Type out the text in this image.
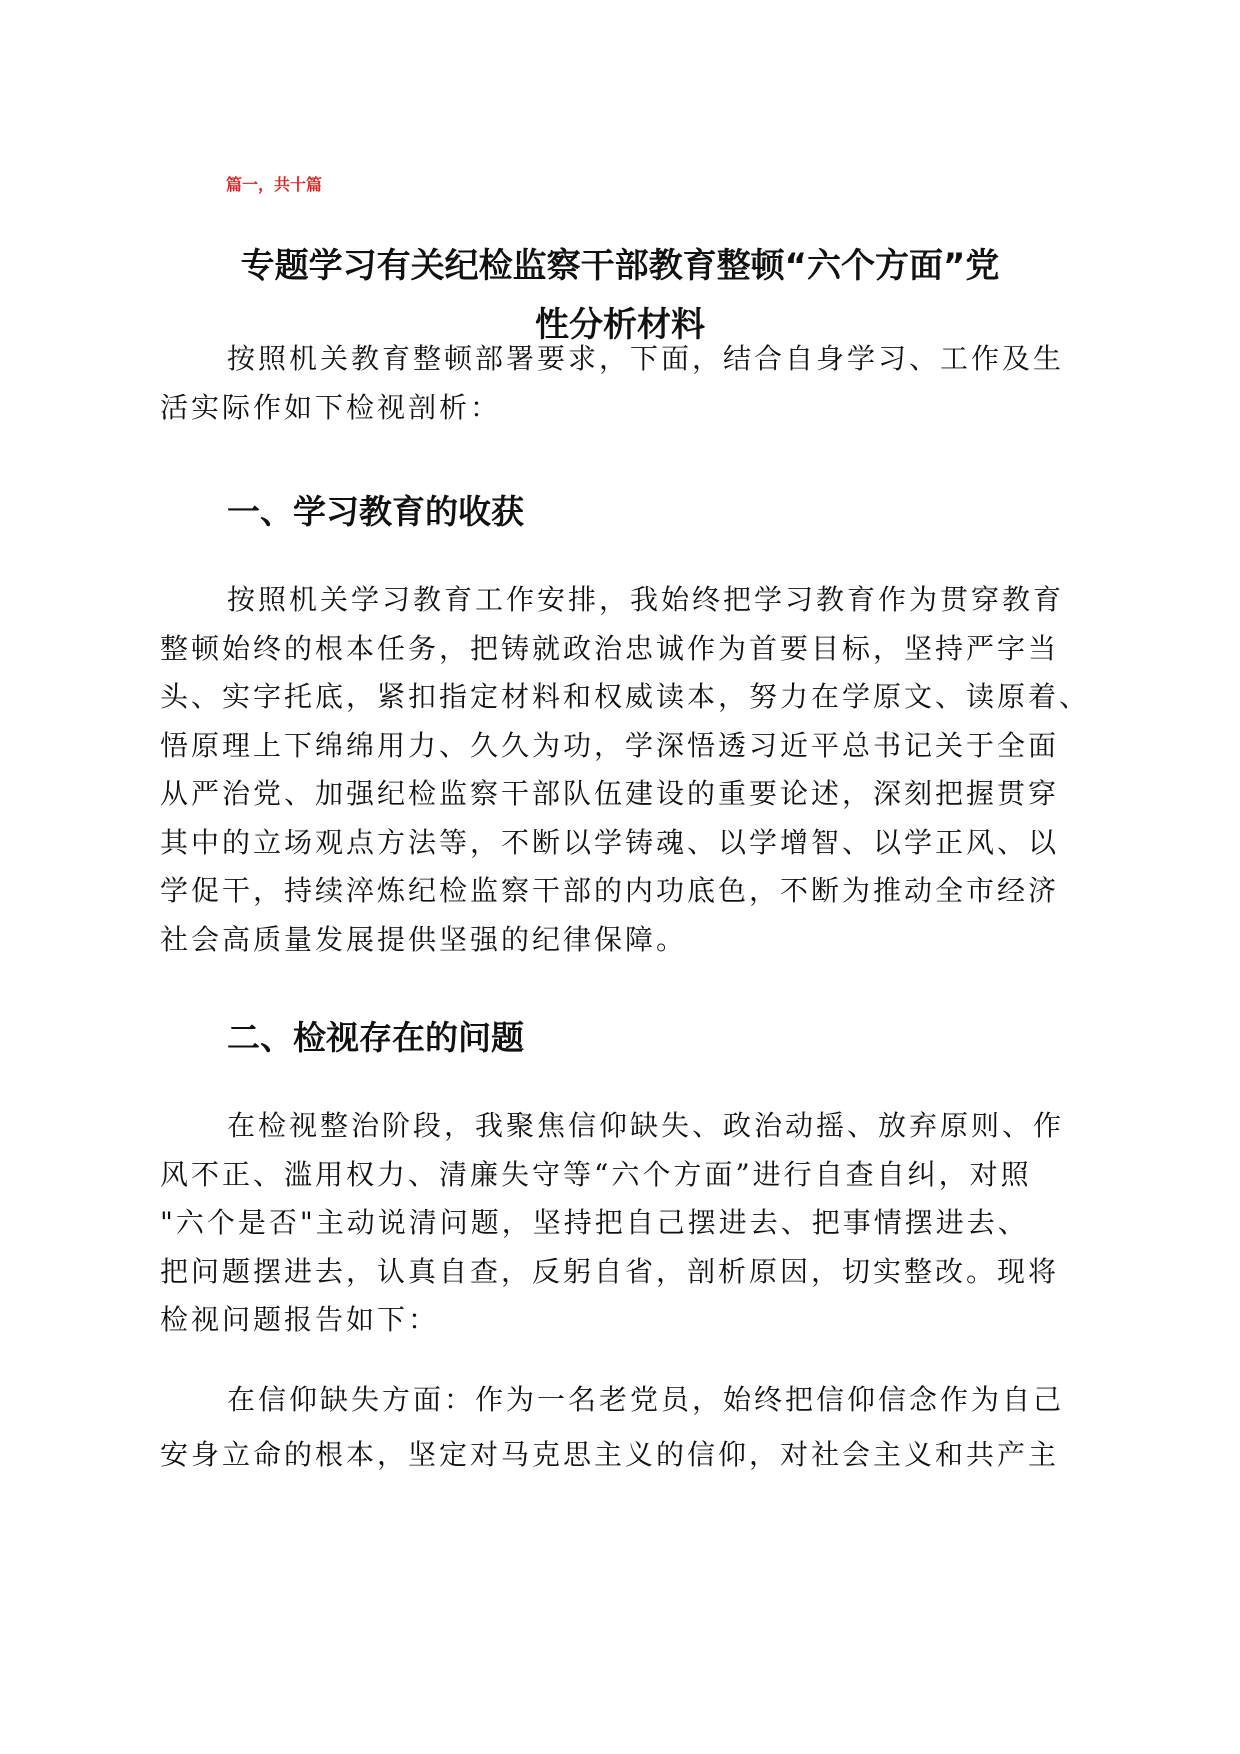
篇一，共十篇
专题学习有关纪检监察干部教育整顿“六个方面”党
性分析材料
按照机关教育整顿部署要求，下面，结合自身学习、工作及生
活实际作如下检视剖析：
一、学习教育的收获
按照机关学习教育工作安排，我始终把学习教育作为贯穿教育
整顿始终的根本任务，把铸就政治忠诚作为首要目标，坚持严字当
头、实字托底，紧扣指定材料和权威读本，努力在学原文、读原着、
悟原理上下绵绵用力、久久为功，学深悟透习近平总书记关于全面
从严治党、加强纪检监察干部队伍建设的重要论述，深刻把握贯穿
其中的立场观点方法等，不断以学铸魂、以学增智、以学正风、以
学促干，持续淬炼纪检监察干部的内功底色，不断为推动全市经济
社会高质量发展提供坚强的纪律保障。
二、检视存在的问题
在检视整治阶段，我聚焦信仰缺失、政治动摇、放弃原则、作
风不正、滥用权力、清廉失守等“六个方面”进行自查自纠，对照
"六个是否"主动说清问题，坚持把自己摆进去、把事情摆进去、
把问题摆进去，认真自查，反躬自省，剖析原因，切实整改。现将
检视问题报告如下：
在信仰缺失方面：作为一名老党员，始终把信仰信念作为自己
安身立命的根本，坚定对马克思主义的信仰，对社会主义和共产主
